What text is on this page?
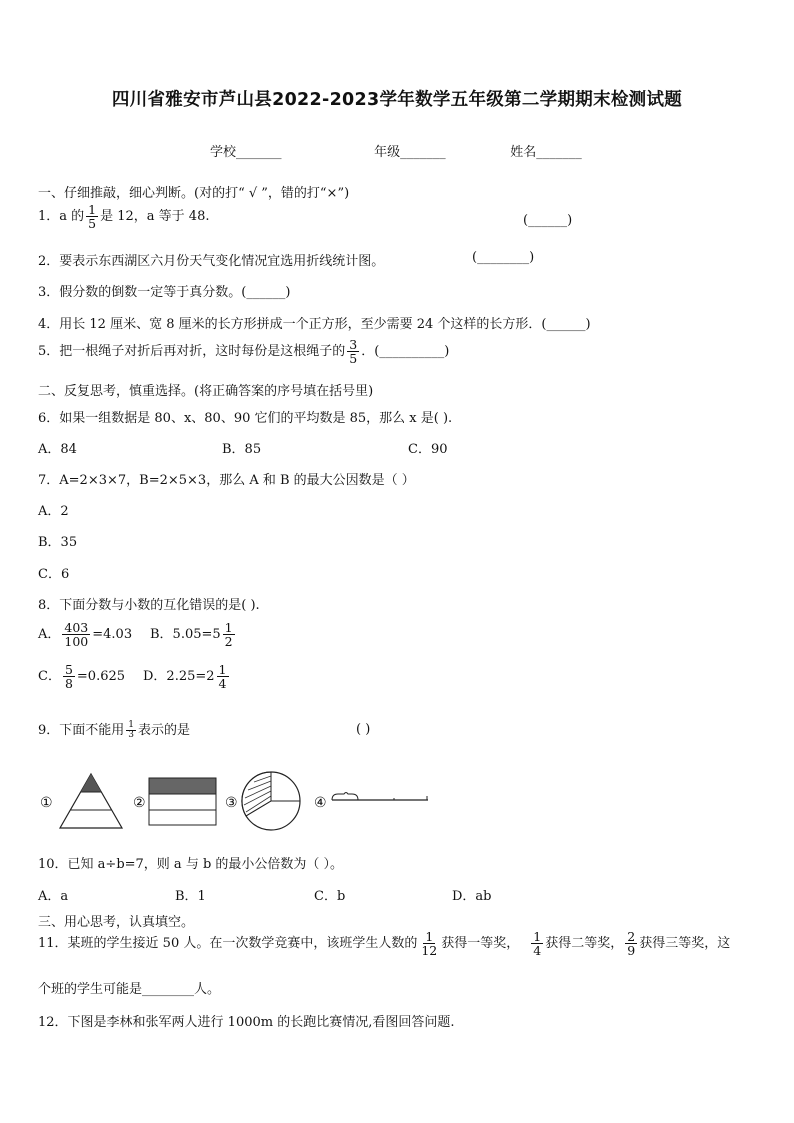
四川省雅安市芦山县2022-2023学年数学五年级第二学期期末检测试题
学校_______	年级_______	姓名_______
一、仔细推敲，细心判断。(对的打“ √ ”，错的打“×”)
1．a 的 $\frac{1}{5}$ 是 12，a 等于 48.	(______)
2．要表示东西湖区六月份天气变化情况宜选用折线统计图。	(________)
3．假分数的倒数一定等于真分数。(______)
4．用长 12 厘米、宽 8 厘米的长方形拼成一个正方形，至少需要 24 个这样的长方形．(______)
5．把一根绳子对折后再对折，这时每份是这根绳子的 $\frac{3}{5}$ ．(__________)
二、反复思考，慎重选择。(将正确答案的序号填在括号里)
6．如果一组数据是 80、x、80、90 它们的平均数是 85，那么 x 是( ).
A．84	B．85	C．90
7．A=2×3×7，B=2×5×3，那么 A 和 B 的最大公因数是（ ）
A．2
B．35
C．6
8．下面分数与小数的互化错误的是( ).
A． $\frac{403}{100} =4.03$ B．$5.05=5 \frac{1}{2}$
C． $\frac{5}{8} =0.625$ D．$2.25=2 \frac{1}{4}$
9．下面不能用 $\frac{1}{3}$ 表示的是	( )
①	②	③	④
10．已知 a÷b=7，则 a 与 b 的最小公倍数为（ ）。
A．a	B．1	C．b	D．ab
三、用心思考，认真填空。
11．某班的学生接近 50 人。在一次数学竞赛中，该班学生人数的 $\frac{1}{12}$ 获得一等奖， $\frac{1}{4}$ 获得二等奖， $\frac{2}{9}$ 获得三等奖，这
个班的学生可能是________人。
12．下图是李林和张军两人进行 1000m 的长跑比赛情况,看图回答问题.
